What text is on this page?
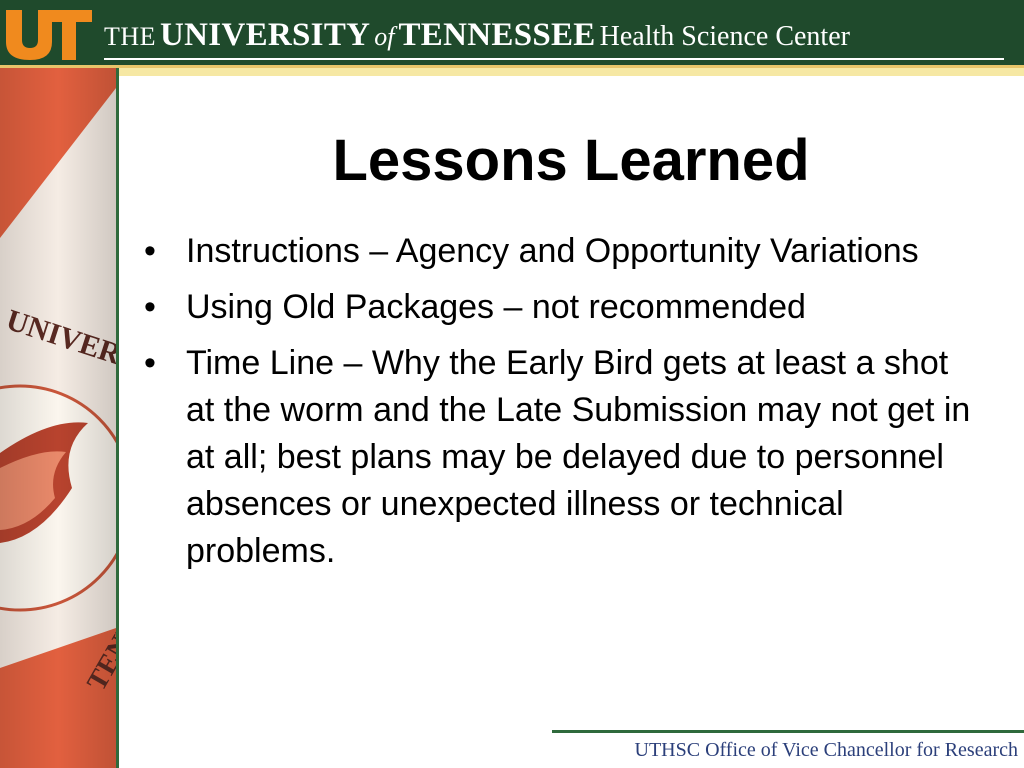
THE UNIVERSITY of TENNESSEE Health Science Center
Lessons Learned
• Instructions – Agency and Opportunity Variations
• Using Old Packages – not recommended
• Time Line – Why the Early Bird gets at least a shot at the worm and the Late Submission may not get in at all; best plans may be delayed due to personnel absences or unexpected illness or technical problems.
UTHSC Office of Vice Chancellor for Research
